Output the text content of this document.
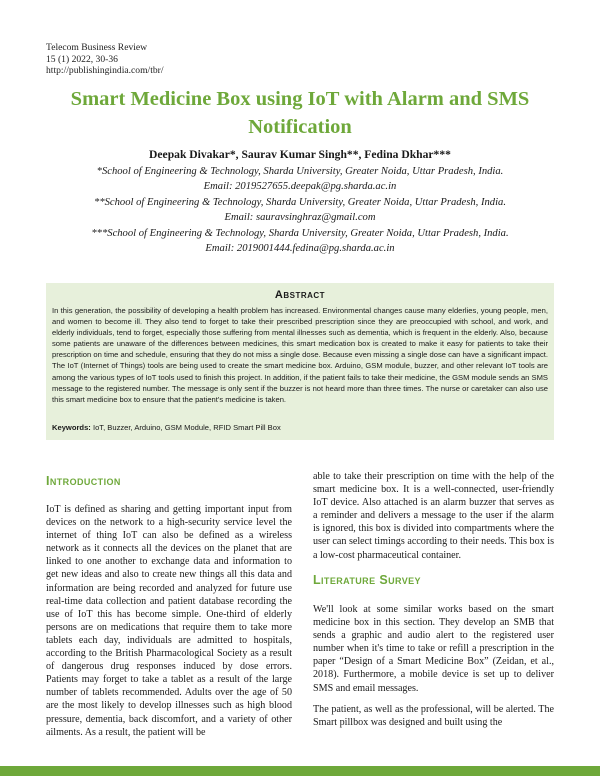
Telecom Business Review
15 (1) 2022, 30-36
http://publishingindia.com/tbr/
Smart Medicine Box using IoT with Alarm and SMS
Notification
Deepak Divakar*, Saurav Kumar Singh**, Fedina Dkhar***
*School of Engineering & Technology, Sharda University, Greater Noida, Uttar Pradesh, India.
Email: 2019527655.deepak@pg.sharda.ac.in
**School of Engineering & Technology, Sharda University, Greater Noida, Uttar Pradesh, India.
Email: sauravsinghraz@gmail.com
***School of Engineering & Technology, Sharda University, Greater Noida, Uttar Pradesh, India.
Email: 2019001444.fedina@pg.sharda.ac.in
Abstract
In this generation, the possibility of developing a health problem has increased. Environmental changes cause many elderlies, young people, men, and women to become ill. They also tend to forget to take their prescribed prescription since they are preoccupied with school, and work, and elderly individuals, tend to forget, especially those suffering from mental illnesses such as dementia, which is frequent in the elderly. Also, because some patients are unaware of the differences between medicines, this smart medication box is created to make it easy for patients to take their prescription on time and schedule, ensuring that they do not miss a single dose. Because even missing a single dose can have a significant impact. The IoT (Internet of Things) tools are being used to create the smart medicine box. Arduino, GSM module, buzzer, and other relevant IoT tools are among the various types of IoT tools used to finish this project. In addition, if the patient fails to take their medicine, the GSM module sends an SMS message to the registered number. The message is only sent if the buzzer is not heard more than three times. The nurse or caretaker can also use this smart medicine box to ensure that the patient's medicine is taken.
Keywords: IoT, Buzzer, Arduino, GSM Module, RFID Smart Pill Box
Introduction

IoT is defined as sharing and getting important input from devices on the network to a high-security service level the internet of thing IoT can also be defined as a wireless network as it connects all the devices on the planet that are linked to one another to exchange data and information to get new ideas and also to create new things all this data and information are being recorded and analyzed for future use real-time data collection and patient database recording the use of IoT this has become simple. One-third of elderly persons are on medications that require them to take more tablets each day, individuals are admitted to hospitals, according to the British Pharmacological Society as a result of dangerous drug responses induced by dose errors. Patients may forget to take a tablet as a result of the large number of tablets recommended. Adults over the age of 50 are the most likely to develop illnesses such as high blood pressure, dementia, back discomfort, and a variety of other ailments. As a result, the patient will be

able to take their prescription on time with the help of the smart medicine box. It is a well-connected, user-friendly IoT device. Also attached is an alarm buzzer that serves as a reminder and delivers a message to the user if the alarm is ignored, this box is divided into compartments where the user can select timings according to their needs. This box is a low-cost pharmaceutical container.

Literature Survey

We'll look at some similar works based on the smart medicine box in this section. They develop an SMB that sends a graphic and audio alert to the registered user number when it's time to take or refill a prescription in the paper “Design of a Smart Medicine Box” (Zeidan, et al., 2018). Furthermore, a mobile device is set up to deliver SMS and email messages.

The patient, as well as the professional, will be alerted. The Smart pillbox was designed and built using the
